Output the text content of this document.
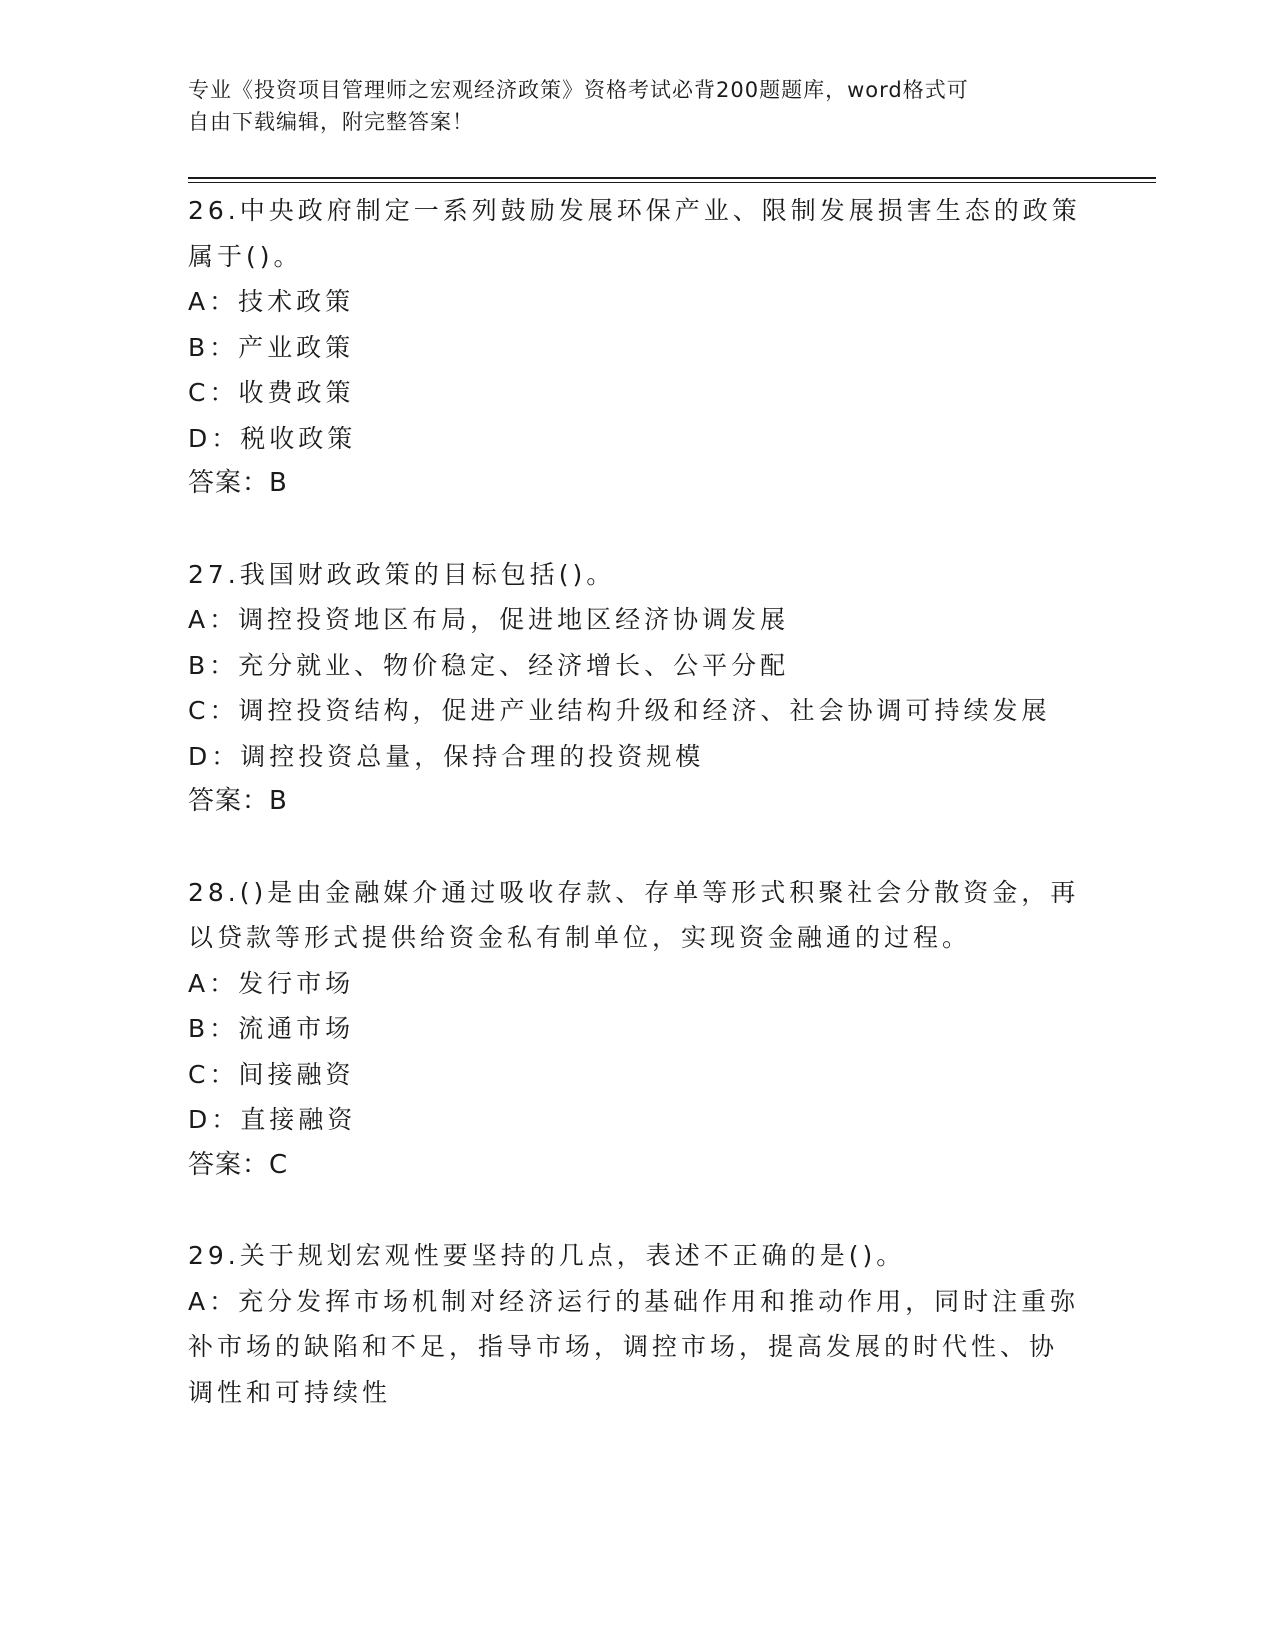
专业《投资项目管理师之宏观经济政策》资格考试必背200题题库，word格式可
自由下载编辑，附完整答案！
26.中央政府制定一系列鼓励发展环保产业、限制发展损害生态的政策
属于()。
A：技术政策
B：产业政策
C：收费政策
D：税收政策
答案：B
27.我国财政政策的目标包括()。
A：调控投资地区布局，促进地区经济协调发展
B：充分就业、物价稳定、经济增长、公平分配
C：调控投资结构，促进产业结构升级和经济、社会协调可持续发展
D：调控投资总量，保持合理的投资规模
答案：B
28.()是由金融媒介通过吸收存款、存单等形式积聚社会分散资金，再
以贷款等形式提供给资金私有制单位，实现资金融通的过程。
A：发行市场
B：流通市场
C：间接融资
D：直接融资
答案：C
29.关于规划宏观性要坚持的几点，表述不正确的是()。
A：充分发挥市场机制对经济运行的基础作用和推动作用，同时注重弥
补市场的缺陷和不足，指导市场，调控市场，提高发展的时代性、协
调性和可持续性
